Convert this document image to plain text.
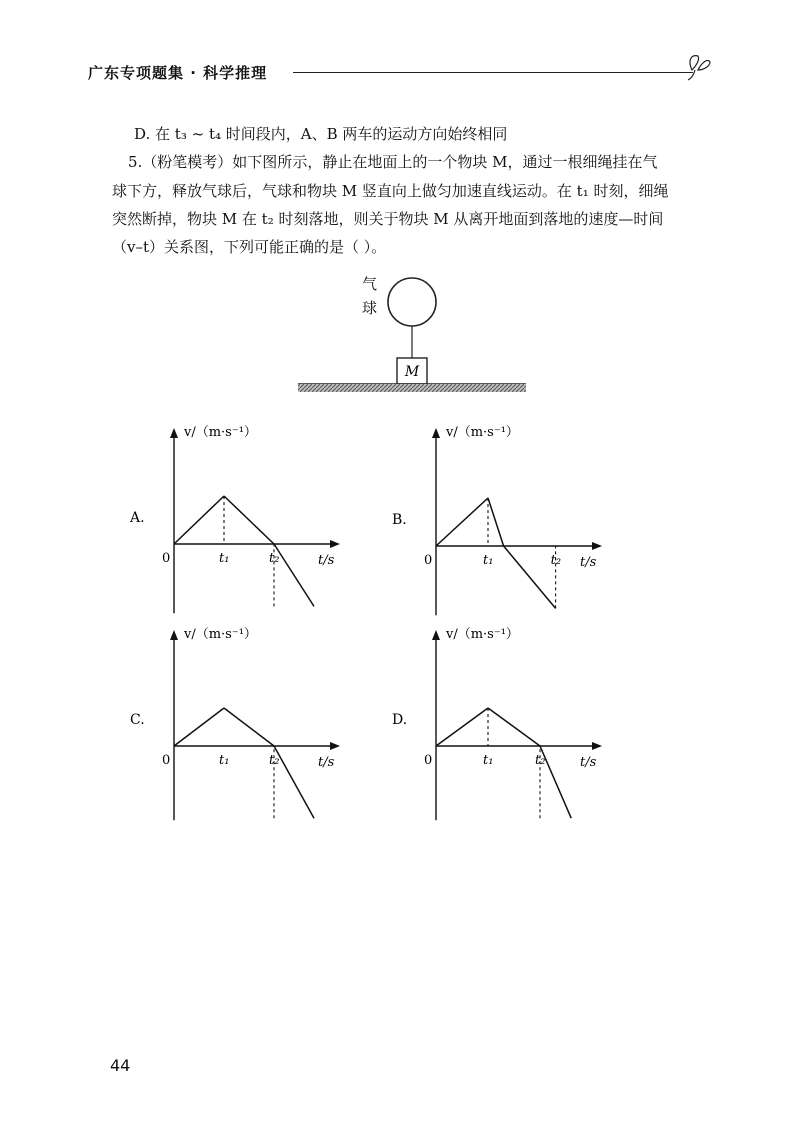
广东专项题集 · 科学推理
D. 在 t₃ ~ t₄ 时间段内，A、B 两车的运动方向始终相同
5.（粉笔模考）如下图所示，静止在地面上的一个物块 M，通过一根细绳挂在气
球下方，释放气球后，气球和物块 M 竖直向上做匀加速直线运动。在 t₁ 时刻，细绳
突然断掉，物块 M 在 t₂ 时刻落地，则关于物块 M 从离开地面到落地的速度—时间
（v–t）关系图，下列可能正确的是（ ）。
气
球
M
v/（m·s⁻¹）
t/s
0
A.
t₁	t₂
v/（m·s⁻¹）
t/s
0
B.
t₁	t₂
v/（m·s⁻¹）
t/s
0
C.
t₁	t₂
v/（m·s⁻¹）
t/s
0
D.
t₁	t₂
44
